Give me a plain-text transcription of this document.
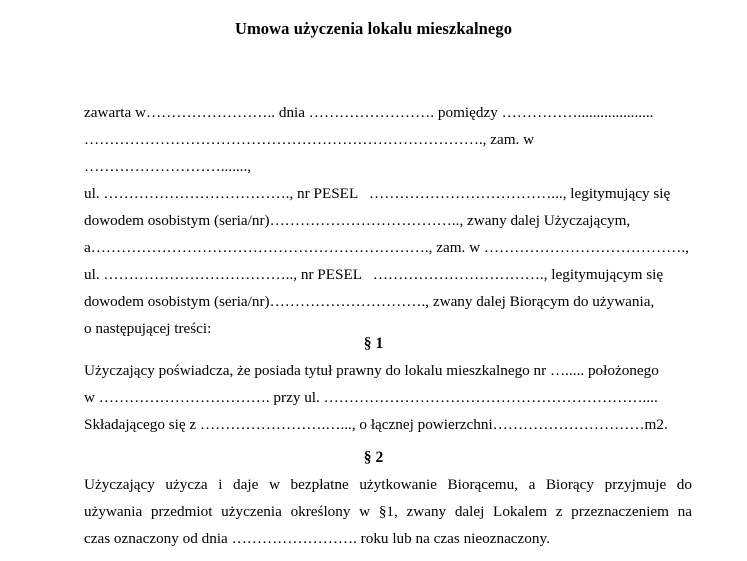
Umowa użyczenia lokalu mieszkalnego

zawarta w…………………….. dnia ……………………. pomiędzy ……………....................
……………………………………………………………………., zam. w ……………………….......,
ul. ………………………………., nr PESEL   ………………………………..., legitymujący się
dowodem osobistym (seria/nr)……………………………….., zwany dalej Użyczającym,
a…………………………………………………………., zam. w ………………………………….,
ul. ……………………………….., nr PESEL   ……………………………., legitymującym się
dowodem osobistym (seria/nr)…………………………., zwany dalej Biorącym do używania,
o następującej treści:

§ 1

Użyczający poświadcza, że posiada tytuł prawny do lokalu mieszkalnego nr …..... położonego
w ……………………………. przy ul. ………………………………………………………....
Składającego się z …………………….…..., o łącznej powierzchni…………………………m2.

§ 2

Użyczający użycza i daje w bezpłatne użytkowanie Biorącemu, a Biorący przyjmuje do
używania przedmiot użyczenia określony w §1, zwany dalej Lokalem z przeznaczeniem na
czas oznaczony od dnia ……………………. roku lub na czas nieoznaczony.
